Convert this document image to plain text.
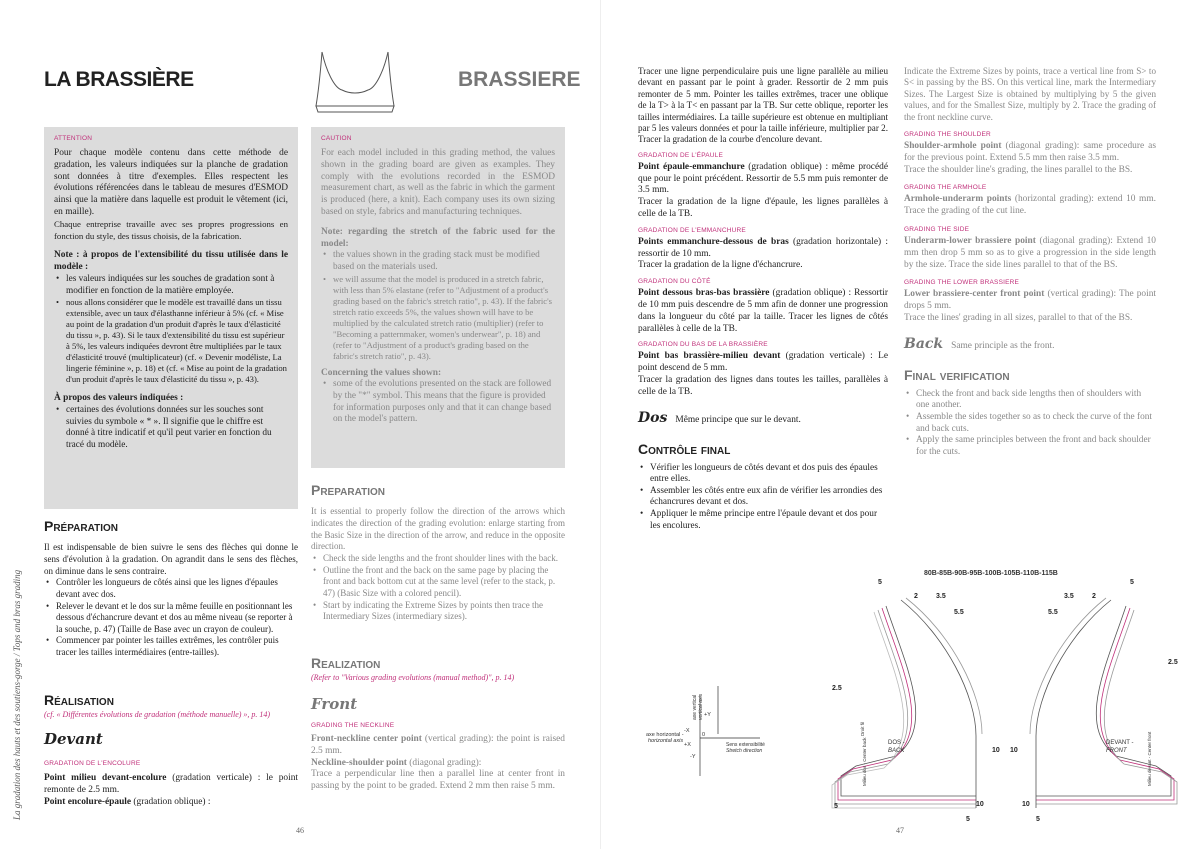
LA BRASSIÈRE	BRASSIERE
ATTENTION
Pour chaque modèle contenu dans cette méthode de gradation, les valeurs indiquées sur la planche de gradation sont données à titre d'exemples. Elles respectent les évolutions référencées dans le tableau de mesures d'ESMOD ainsi que la matière dans laquelle est produit le vêtement (ici, en maille).
Chaque entreprise travaille avec ses propres progressions en fonction du style, des tissus choisis, de la fabrication.
Note : à propos de l'extensibilité du tissu utilisée dans le modèle :
• les valeurs indiquées sur les souches de gradation sont à modifier en fonction de la matière employée.
• nous allons considérer que le modèle est travaillé dans un tissu extensible, avec un taux d'élasthanne inférieur à 5% (cf. « Mise au point de la gradation d'un produit d'après le taux d'élasticité du tissu », p. 43). Si le taux d'extensibilité du tissu est supérieur à 5%, les valeurs indiquées devront être multipliées par le taux d'élasticité trouvé (multiplicateur) (cf. « Devenir modéliste, La lingerie féminine », p. 18) et (cf. « Mise au point de la gradation d'un produit d'après le taux d'élasticité du tissu », p. 43).
À propos des valeurs indiquées :
• certaines des évolutions données sur les souches sont suivies du symbole « * ». Il signifie que le chiffre est donné à titre indicatif et qu'il peut varier en fonction du tracé du modèle.
CAUTION
For each model included in this grading method, the values shown in the grading board are given as examples. They comply with the evolutions recorded in the ESMOD measurement chart, as well as the fabric in which the garment is produced (here, a knit). Each company uses its own sizing based on style, fabrics and manufacturing techniques.
Note: regarding the stretch of the fabric used for the model:
• the values shown in the grading stack must be modified based on the materials used.
• we will assume that the model is produced in a stretch fabric, with less than 5% elastane (refer to "Adjustment of a product's grading based on the fabric's stretch ratio", p. 43). If the fabric's stretch ratio exceeds 5%, the values shown will have to be multiplied by the calculated stretch ratio (multiplier) (refer to "Becoming a patternmaker, women's underwear", p. 18) and (refer to "Adjustment of a product's grading based on the fabric's stretch ratio", p. 43).
Concerning the values shown:
• some of the evolutions presented on the stack are followed by the "*" symbol. This means that the figure is provided for information purposes only and that it can change based on the model's pattern.
Préparation
Il est indispensable de bien suivre le sens des flèches qui donne le sens d'évolution à la gradation. On agrandit dans le sens des flèches, on diminue dans le sens contraire.
• Contrôler les longueurs de côtés ainsi que les lignes d'épaules devant avec dos.
• Relever le devant et le dos sur la même feuille en positionnant les dessous d'échancrure devant et dos au même niveau (se reporter à la souche, p. 47) (Taille de Base avec un crayon de couleur).
• Commencer par pointer les tailles extrêmes, les contrôler puis tracer les tailles intermédiaires (entre-tailles).
Réalisation
(cf. « Différentes évolutions de gradation (méthode manuelle) », p. 14)
Devant
GRADATION DE L'ENCOLURE
Point milieu devant-encolure (gradation verticale) : le point remonte de 2.5 mm.
Point encolure-épaule (gradation oblique) :
Preparation
It is essential to properly follow the direction of the arrows which indicates the direction of the grading evolution: enlarge starting from the Basic Size in the direction of the arrow, and reduce in the opposite direction.
• Check the side lengths and the front shoulder lines with the back.
• Outline the front and the back on the same page by placing the front and back bottom cut at the same level (refer to the stack, p. 47) (Basic Size with a colored pencil).
• Start by indicating the Extreme Sizes by points then trace the Intermediary Sizes (intermediary sizes).
Realization
(Refer to "Various grading evolutions (manual method)", p. 14)
Front
GRADING THE NECKLINE
Front-neckline center point (vertical grading): the point is raised 2.5 mm.
Neckline-shoulder point (diagonal grading):
Trace a perpendicular line then a parallel line at center front in passing by the point to be graded. Extend 2 mm then raise 5 mm.
La gradation des hauts et des soutiens-gorge / Tops and bras grading
46
Tracer une ligne perpendiculaire puis une ligne parallèle au milieu devant en passant par le point à grader. Ressortir de 2 mm puis remonter de 5 mm. Pointer les tailles extrêmes, tracer une oblique de la T> à la T< en passant par la TB. Sur cette oblique, reporter les tailles intermédiaires. La taille supérieure est obtenue en multipliant par 5 les valeurs données et pour la taille inférieure, multiplier par 2. Tracer la gradation de la courbe d'encolure devant.
GRADATION DE L'ÉPAULE
Point épaule-emmanchure (gradation oblique) : même procédé que pour le point précédent. Ressortir de 5.5 mm puis remonter de 3.5 mm.
Tracer la gradation de la ligne d'épaule, les lignes parallèles à celle de la TB.
GRADATION DE L'EMMANCHURE
Points emmanchure-dessous de bras (gradation horizontale) : ressortir de 10 mm.
Tracer la gradation de la ligne d'échancrure.
GRADATION DU CÔTÉ
Point dessous bras-bas brassière (gradation oblique) : Ressortir de 10 mm puis descendre de 5 mm afin de donner une progression dans la longueur du côté par la taille. Tracer les lignes de côtés parallèles à celle de la TB.
GRADATION DU BAS DE LA BRASSIÈRE
Point bas brassière-milieu devant (gradation verticale) : Le point descend de 5 mm.
Tracer la gradation des lignes dans toutes les tailles, parallèles à celle de la TB.
Dos Même principe que sur le devant.
Contrôle final
• Vérifier les longueurs de côtés devant et dos puis des épaules entre elles.
• Assembler les côtés entre eux afin de vérifier les arrondies des échancrures devant et dos.
• Appliquer le même principe entre l'épaule devant et dos pour les encolures.
Indicate the Extreme Sizes by points, trace a vertical line from S> to S< in passing by the BS. On this vertical line, mark the Intermediary Sizes. The Largest Size is obtained by multiplying by 5 the given values, and for the Smallest Size, multiply by 2. Trace the grading of the front neckline curve.
GRADING THE SHOULDER
Shoulder-armhole point (diagonal grading): same procedure as for the previous point. Extend 5.5 mm then raise 3.5 mm.
Trace the shoulder line's grading, the lines parallel to the BS.
GRADING THE ARMHOLE
Armhole-underarm points (horizontal grading): extend 10 mm. Trace the grading of the cut line.
GRADING THE SIDE
Underarm-lower brassiere point (diagonal grading): Extend 10 mm then drop 5 mm so as to give a progression in the side length by the size. Trace the side lines parallel to that of the BS.
GRADING THE LOWER BRASSIERE
Lower brassiere-center front point (vertical grading): The point drops 5 mm.
Trace the lines' grading in all sizes, parallel to that of the BS.
Back Same principle as the front.
Final verification
• Check the front and back side lengths then of shoulders with one another.
• Assemble the sides together so as to check the curve of the font and back cuts.
• Apply the same principles between the front and back shoulder for the cuts.
axe horizontal -
horizontal axis
-X
+X
0
-Y
+Y
Sens extensibilité
Stretch direction
axe vertical vertical axis
80B-85B-90B-95B-100B-105B-110B-115B
5
2	3.5
5.5
2.5
10
10
5
5
5
2
3.5
5.5
2.5
10
10
5
DOS -
BACK
DEVANT -
FRONT
Milieu dos - Center back	Milieu devant - Center front
Droit fil
47
